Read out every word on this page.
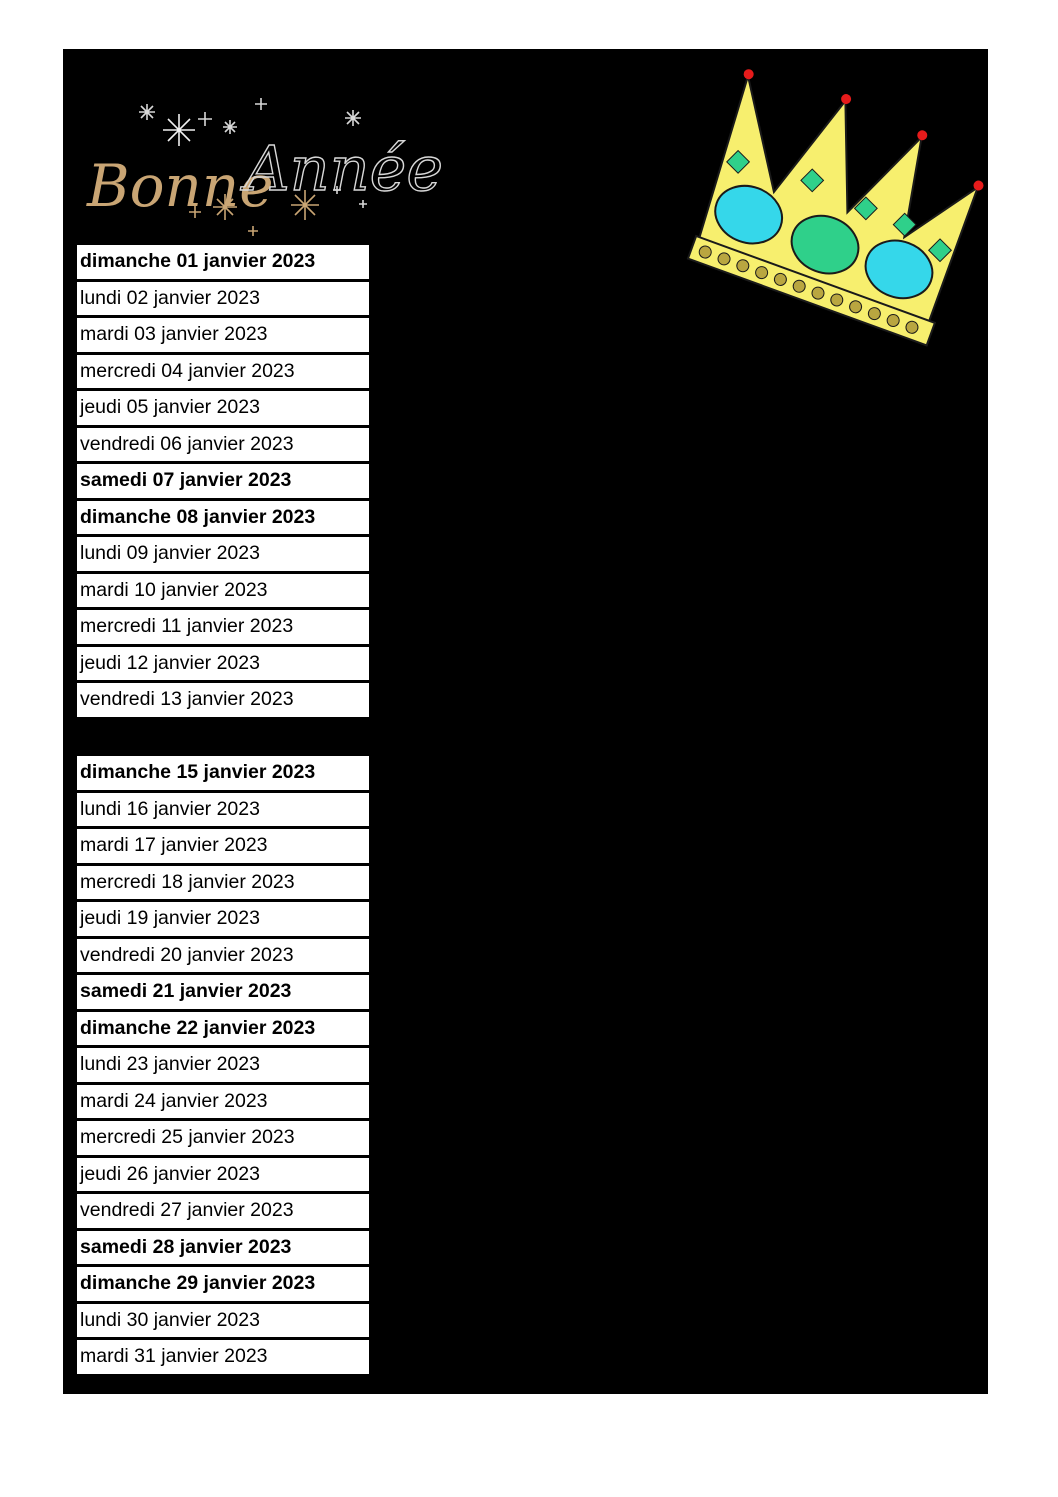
Bonne
Année
dimanche 01 janvier 2023
lundi 02 janvier 2023
mardi 03 janvier 2023
mercredi 04 janvier 2023
jeudi 05 janvier 2023
vendredi 06 janvier 2023
samedi 07 janvier 2023
dimanche 08 janvier 2023
lundi 09 janvier 2023
mardi 10 janvier 2023
mercredi 11 janvier 2023
jeudi 12 janvier 2023
vendredi 13 janvier 2023
dimanche 15 janvier 2023
lundi 16 janvier 2023
mardi 17 janvier 2023
mercredi 18 janvier 2023
jeudi 19 janvier 2023
vendredi 20 janvier 2023
samedi 21 janvier 2023
dimanche 22 janvier 2023
lundi 23 janvier 2023
mardi 24 janvier 2023
mercredi 25 janvier 2023
jeudi 26 janvier 2023
vendredi 27 janvier 2023
samedi 28 janvier 2023
dimanche 29 janvier 2023
lundi 30 janvier 2023
mardi 31 janvier 2023
